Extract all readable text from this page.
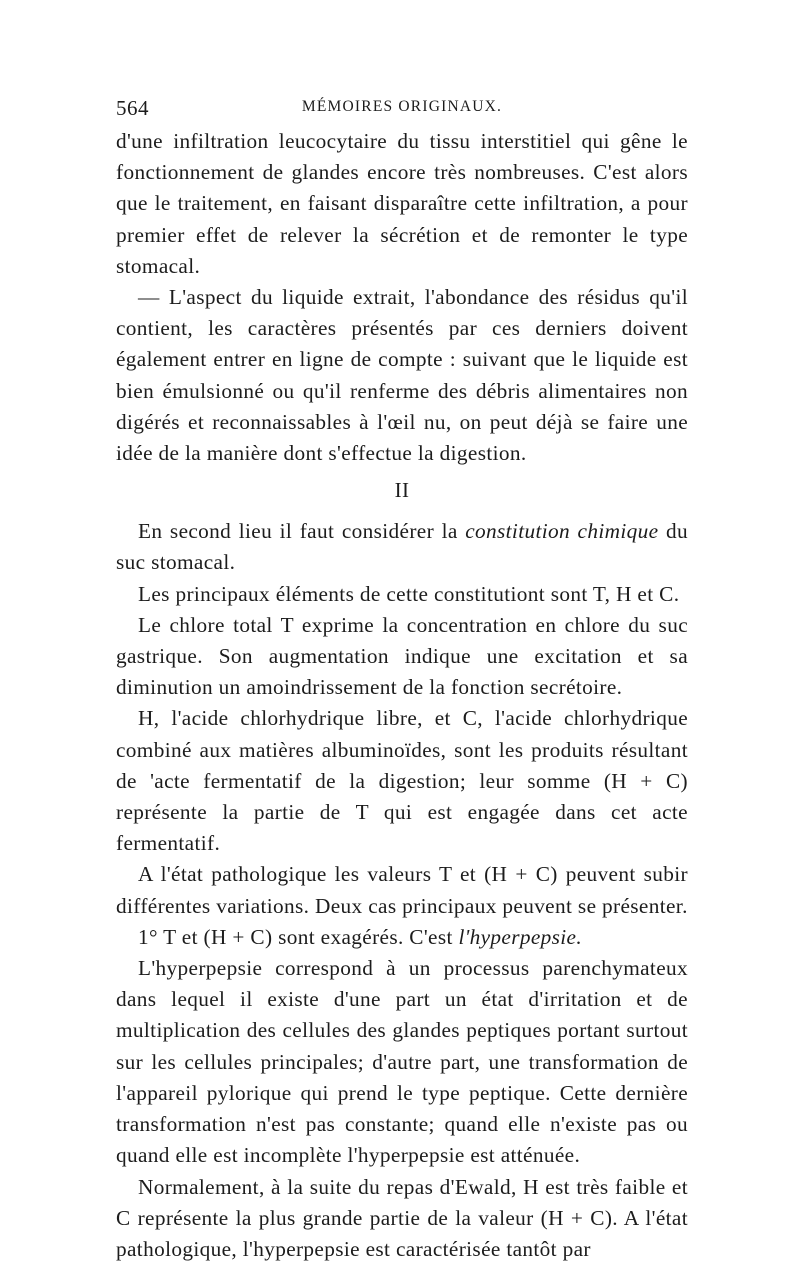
564	MÉMOIRES ORIGINAUX.

d'une infiltration leucocytaire du tissu interstitiel qui gêne le fonctionnement de glandes encore très nombreuses. C'est alors que le traitement, en faisant disparaître cette infiltration, a pour premier effet de relever la sécrétion et de remonter le type stomacal.

— L'aspect du liquide extrait, l'abondance des résidus qu'il contient, les caractères présentés par ces derniers doivent également entrer en ligne de compte : suivant que le liquide est bien émulsionné ou qu'il renferme des débris alimentaires non digérés et reconnaissables à l'œil nu, on peut déjà se faire une idée de la manière dont s'effectue la digestion.

II

En second lieu il faut considérer la constitution chimique du suc stomacal.

Les principaux éléments de cette constitutiont sont T, H et C.

Le chlore total T exprime la concentration en chlore du suc gastrique. Son augmentation indique une excitation et sa diminution un amoindrissement de la fonction secrétoire.

H, l'acide chlorhydrique libre, et C, l'acide chlorhydrique combiné aux matières albuminoïdes, sont les produits résultant de 'acte fermentatif de la digestion; leur somme (H + C) représente la partie de T qui est engagée dans cet acte fermentatif.

A l'état pathologique les valeurs T et (H + C) peuvent subir différentes variations. Deux cas principaux peuvent se présenter.

1° T et (H + C) sont exagérés. C'est l'hyperpepsie.

L'hyperpepsie correspond à un processus parenchymateux dans lequel il existe d'une part un état d'irritation et de multiplication des cellules des glandes peptiques portant surtout sur les cellules principales; d'autre part, une transformation de l'appareil pylorique qui prend le type peptique. Cette dernière transformation n'est pas constante; quand elle n'existe pas ou quand elle est incomplète l'hyperpepsie est atténuée.

Normalement, à la suite du repas d'Ewald, H est très faible et C représente la plus grande partie de la valeur (H + C). A l'état pathologique, l'hyperpepsie est caractérisée tantôt par
